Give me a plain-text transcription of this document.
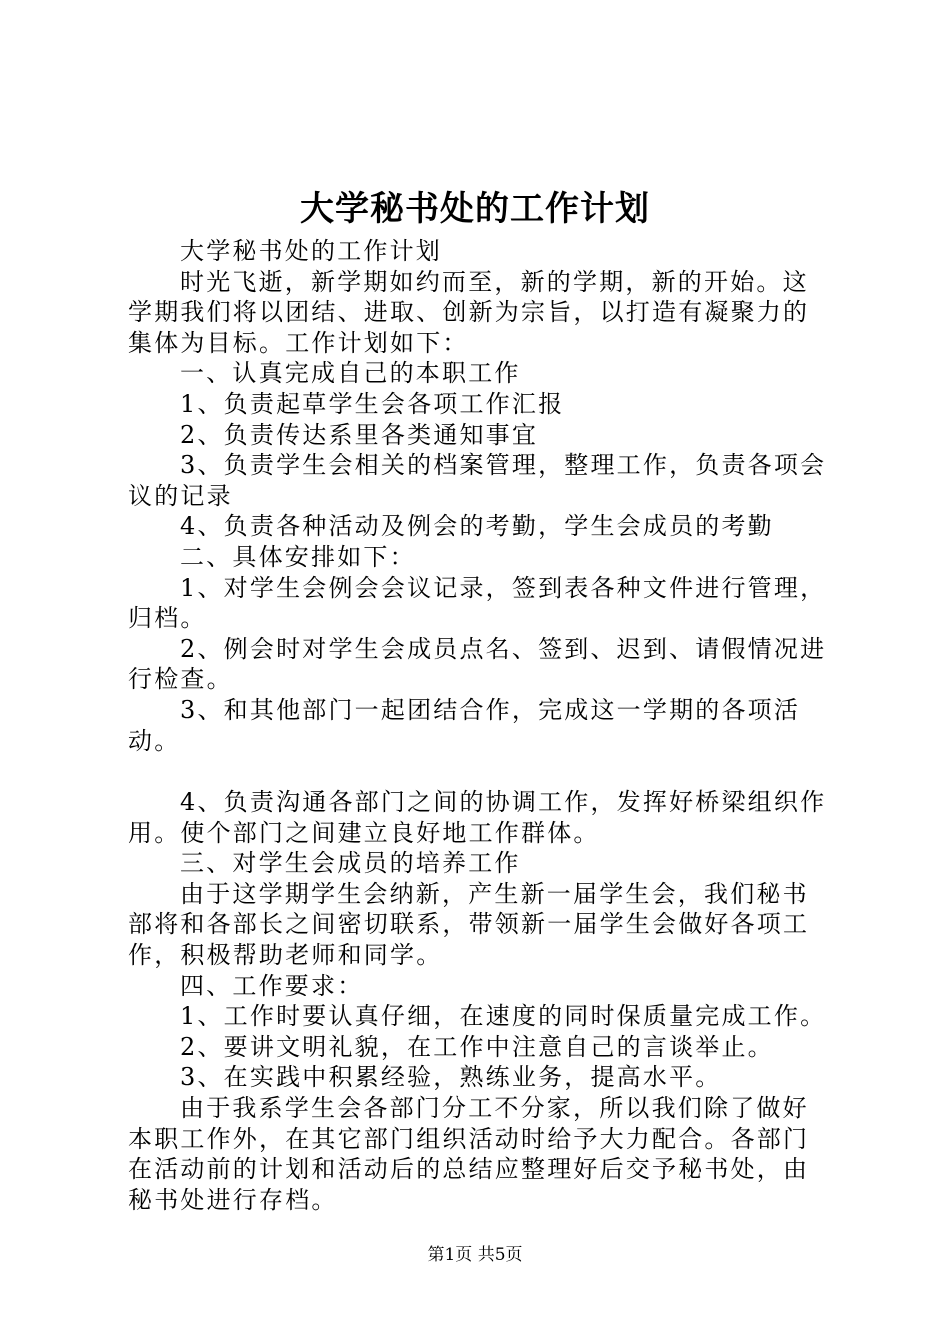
大学秘书处的工作计划

大学秘书处的工作计划

时光飞逝，新学期如约而至，新的学期，新的开始。这学期我们将以团结、进取、创新为宗旨，以打造有凝聚力的集体为目标。工作计划如下：

一、认真完成自己的本职工作

1、负责起草学生会各项工作汇报

2、负责传达系里各类通知事宜

3、负责学生会相关的档案管理，整理工作，负责各项会议的记录

4、负责各种活动及例会的考勤，学生会成员的考勤

二、具体安排如下：

1、对学生会例会会议记录，签到表各种文件进行管理，归档。

2、例会时对学生会成员点名、签到、迟到、请假情况进行检查。

3、和其他部门一起团结合作，完成这一学期的各项活动。

4、负责沟通各部门之间的协调工作，发挥好桥梁组织作用。使个部门之间建立良好地工作群体。

三、对学生会成员的培养工作

由于这学期学生会纳新，产生新一届学生会，我们秘书部将和各部长之间密切联系，带领新一届学生会做好各项工作，积极帮助老师和同学。

四、工作要求：

1、工作时要认真仔细，在速度的同时保质量完成工作。

2、要讲文明礼貌，在工作中注意自己的言谈举止。

3、在实践中积累经验，熟练业务，提高水平。

由于我系学生会各部门分工不分家，所以我们除了做好本职工作外，在其它部门组织活动时给予大力配合。各部门在活动前的计划和活动后的总结应整理好后交予秘书处，由秘书处进行存档。

第1页 共5页
